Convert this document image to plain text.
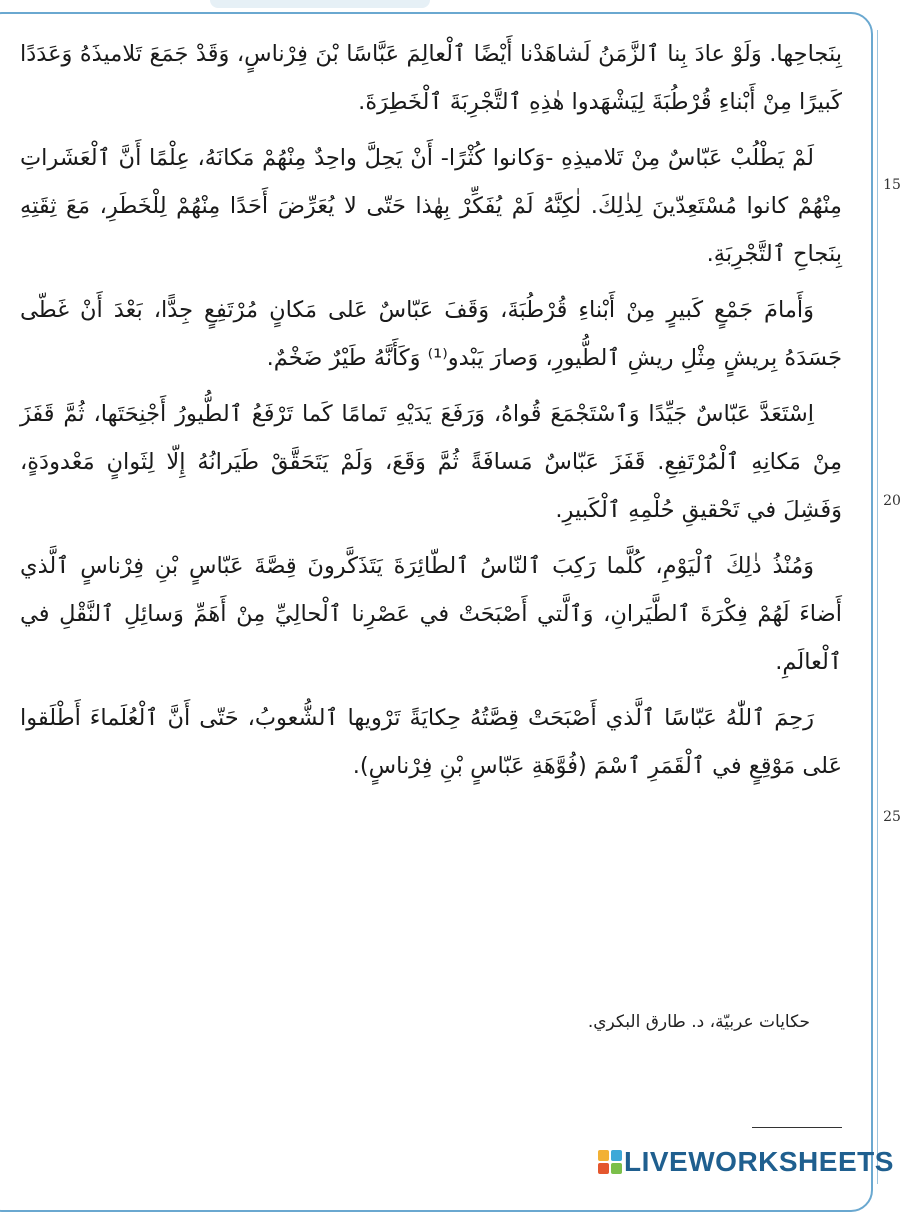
بِنَجاحِها. وَلَوْ عادَ بِنا ٱلزَّمَنُ لَشاهَدْنا أَيْضًا ٱلْعالِمَ عَبَّاسًا بْنَ فِرْناسٍ، وَقَدْ جَمَعَ تَلاميذَهُ وَعَدَدًا كَبيرًا مِنْ أَبْناءِ قُرْطُبَةَ لِيَشْهَدوا هٰذِهِ ٱلتَّجْرِبَةَ ٱلْخَطِرَةَ.

لَمْ يَطْلُبْ عَبّاسٌ مِنْ تَلاميذِهِ -وَكانوا كُثْرًا- أَنْ يَحِلَّ واحِدٌ مِنْهُمْ مَكانَهُ، عِلْمًا أَنَّ ٱلْعَشَراتِ مِنْهُمْ كانوا مُسْتَعِدّينَ لِذٰلِكَ. لٰكِنَّهُ لَمْ يُفَكِّرْ بِهٰذا حَتّى لا يُعَرِّضَ أَحَدًا مِنْهُمْ لِلْخَطَرِ، مَعَ ثِقَتِهِ بِنَجاحِ ٱلتَّجْرِبَةِ.

وَأَمامَ جَمْعٍ كَبيرٍ مِنْ أَبْناءِ قُرْطُبَةَ، وَقَفَ عَبّاسٌ عَلى مَكانٍ مُرْتَفِعٍ جِدًّا، بَعْدَ أَنْ غَطّى جَسَدَهُ بِريشٍ مِثْلِ ريشِ ٱلطُّيورِ، وَصارَ يَبْدو⁽¹⁾ وَكَأَنَّهُ طَيْرٌ ضَخْمٌ.

اِسْتَعَدَّ عَبّاسٌ جَيِّدًا وَٱسْتَجْمَعَ قُواهُ، وَرَفَعَ يَدَيْهِ تَمامًا كَما تَرْفَعُ ٱلطُّيورُ أَجْنِحَتَها، ثُمَّ قَفَزَ مِنْ مَكانِهِ ٱلْمُرْتَفِعِ. قَفَزَ عَبّاسٌ مَسافَةً ثُمَّ وَقَعَ، وَلَمْ يَتَحَقَّقْ طَيَرانُهُ إِلّا لِثَوانٍ مَعْدودَةٍ، وَفَشِلَ في تَحْقيقِ حُلْمِهِ ٱلْكَبيرِ.

وَمُنْذُ ذٰلِكَ ٱلْيَوْمِ، كُلَّما رَكِبَ ٱلنّاسُ ٱلطّائِرَةَ يَتَذَكَّرونَ قِصَّةَ عَبّاسٍ بْنِ فِرْناسٍ ٱلَّذي أَضاءَ لَهُمْ فِكْرَةَ ٱلطَّيَرانِ، وَٱلَّتي أَصْبَحَتْ في عَصْرِنا ٱلْحالِيِّ مِنْ أَهَمِّ وَسائِلِ ٱلنَّقْلِ في ٱلْعالَمِ.

رَحِمَ ٱللّٰهُ عَبّاسًا ٱلَّذي أَصْبَحَتْ قِصَّتُهُ حِكايَةً تَرْويها ٱلشُّعوبُ، حَتّى أَنَّ ٱلْعُلَماءَ أَطْلَقوا عَلى مَوْقِعٍ في ٱلْقَمَرِ ٱسْمَ (فُوَّهَةِ عَبّاسٍ بْنِ فِرْناسٍ).

15
20
25
حكايات عربيّة، د. طارق البكري.
LIVEWORKSHEETS
